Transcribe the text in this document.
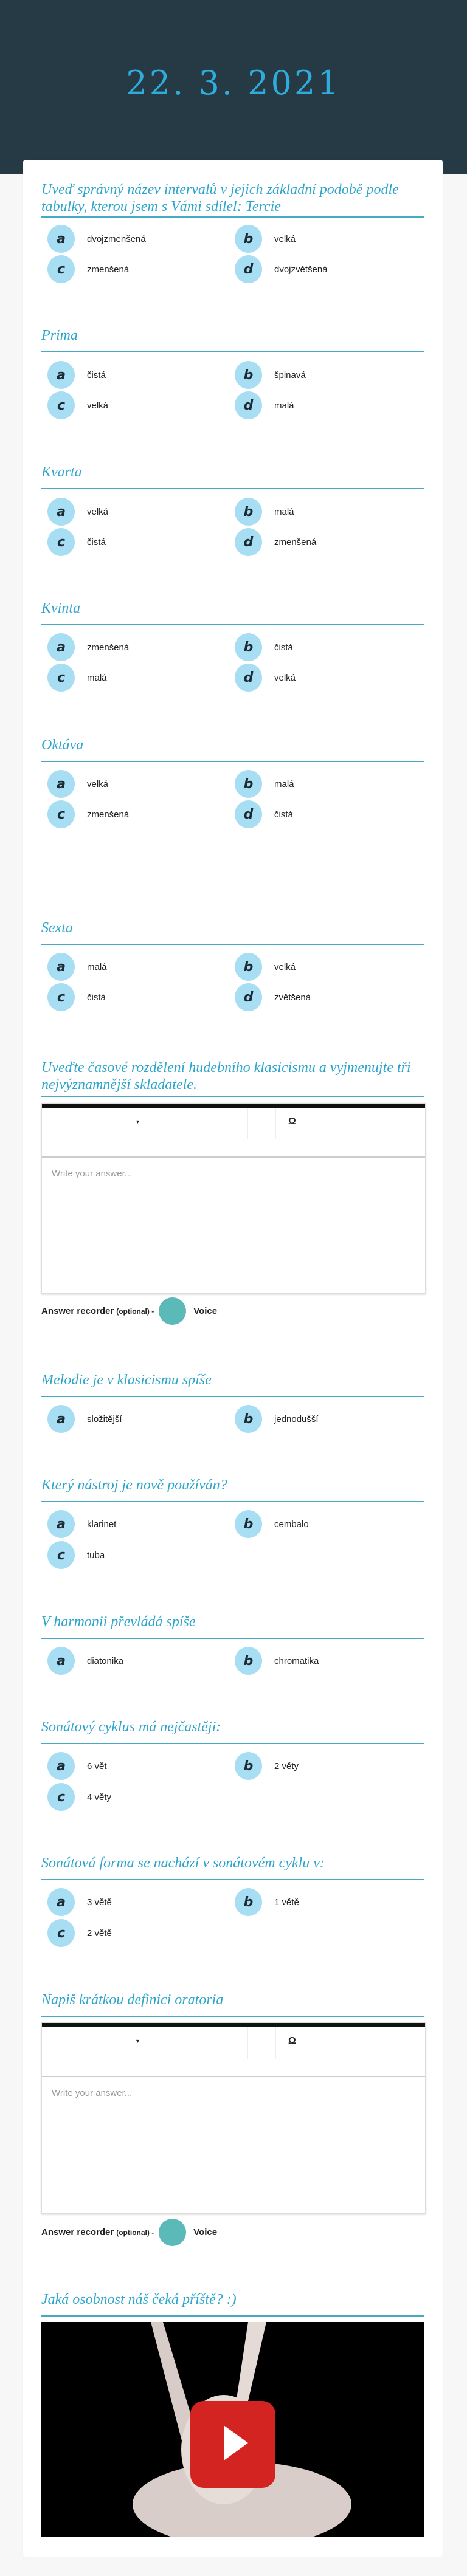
22. 3. 2021
Uveď správný název intervalů v jejich základní podobě podle tabulky, kterou jsem s Vámi sdílel: Tercie
a	dvojzmenšená	b	velká
c	zmenšená	d	dvojzvětšená
Prima
a	čistá	b	špinavá
c	velká	d	malá
Kvarta
a	velká	b	malá
c	čistá	d	zmenšená
Kvinta
a	zmenšená	b	čistá
c	malá	d	velká
Oktáva
a	velká	b	malá
c	zmenšená	d	čistá
Sexta
a	malá	b	velká
c	čistá	d	zvětšená
Uveďte časové rozdělení hudebního klasicismu a vyjmenujte tři nejvýznamnější skladatele.
▾	Ω
Write your answer...
Answer recorder (optional) -	Voice
Melodie je v klasicismu spíše
a	složitější	b	jednodušší
Který nástroj je nově používán?
a	klarinet	b	cembalo
c	tuba
V harmonii převládá spíše
a	diatonika	b	chromatika
Sonátový cyklus má nejčastěji:
a	6 vět	b	2 věty
c	4 věty
Sonátová forma se nachází v sonátovém cyklu v:
a	3 větě	b	1 větě
c	2 větě
Napiš krátkou definici oratoria
▾	Ω
Write your answer...
Answer recorder (optional) -	Voice
Jaká osobnost náš čeká příště? :)
